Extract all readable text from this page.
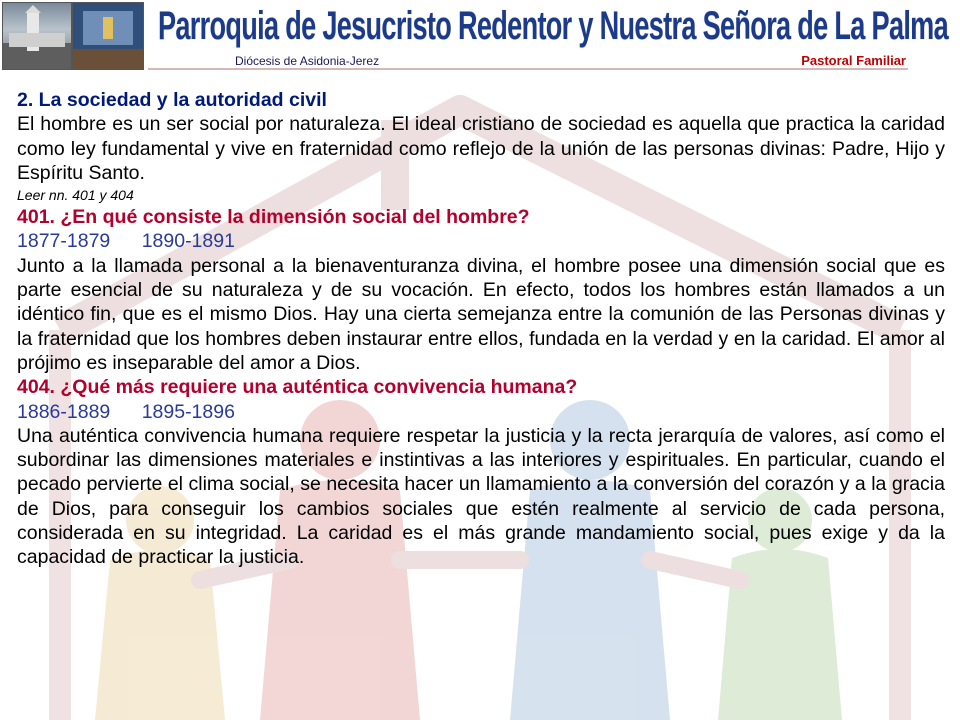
Parroquia de Jesucristo Redentor y Nuestra Señora de La Palma
Diócesis de Asidonia-Jerez	Pastoral Familiar

2. La sociedad y la autoridad civil

El hombre es un ser social por naturaleza. El ideal cristiano de sociedad es aquella que practica la caridad como ley fundamental y vive en fraternidad como reflejo de la unión de las personas divinas: Padre, Hijo y Espíritu Santo.

Leer nn. 401 y 404

401. ¿En qué consiste la dimensión social del hombre?

1877-1879 1890-1891

Junto a la llamada personal a la bienaventuranza divina, el hombre posee una dimensión social que es parte esencial de su naturaleza y de su vocación. En efecto, todos los hombres están llamados a un idéntico fin, que es el mismo Dios. Hay una cierta semejanza entre la comunión de las Personas divinas y la fraternidad que los hombres deben instaurar entre ellos, fundada en la verdad y en la caridad. El amor al prójimo es inseparable del amor a Dios.

404. ¿Qué más requiere una auténtica convivencia humana?

1886-1889 1895-1896

Una auténtica convivencia humana requiere respetar la justicia y la recta jerarquía de valores, así como el subordinar las dimensiones materiales e instintivas a las interiores y espirituales. En particular, cuando el pecado pervierte el clima social, se necesita hacer un llamamiento a la conversión del corazón y a la gracia de Dios, para conseguir los cambios sociales que estén realmente al servicio de cada persona, considerada en su integridad. La caridad es el más grande mandamiento social, pues exige y da la capacidad de practicar la justicia.
